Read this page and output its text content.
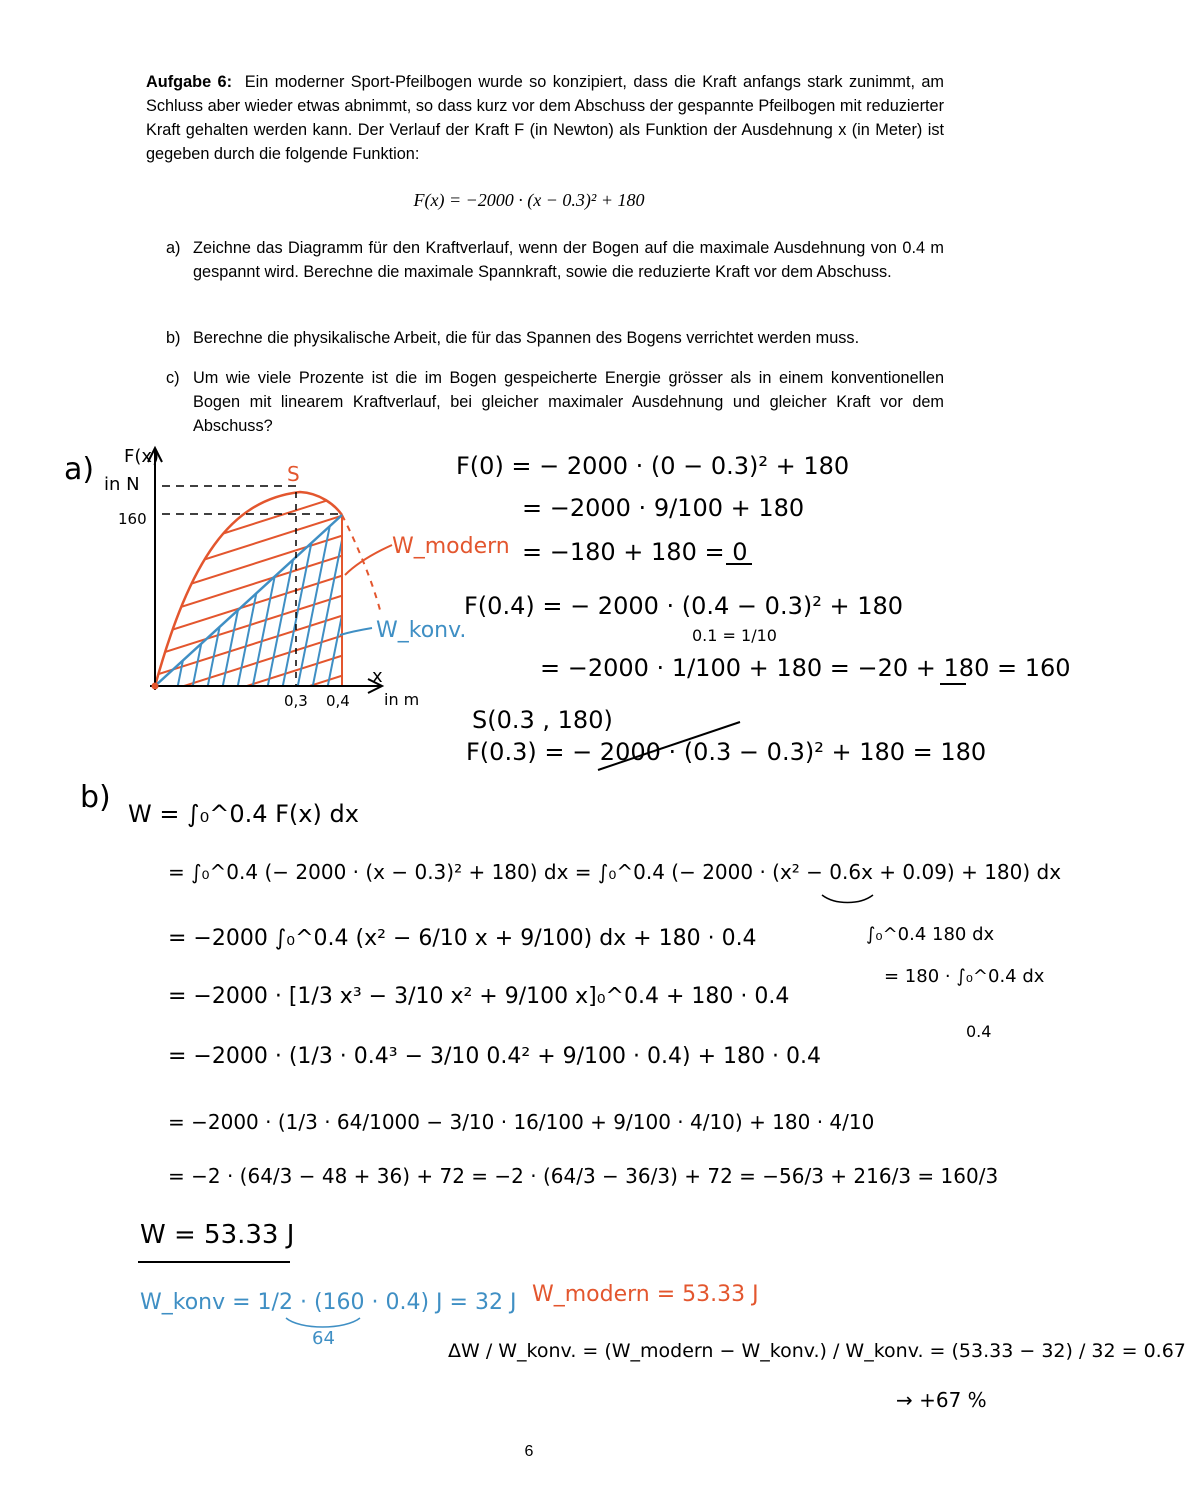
Aufgabe 6: Ein moderner Sport-Pfeilbogen wurde so konzipiert, dass die Kraft anfangs stark zunimmt, am Schluss aber wieder etwas abnimmt, so dass kurz vor dem Abschuss der gespannte Pfeilbogen mit reduzierter Kraft gehalten werden kann. Der Verlauf der Kraft F (in Newton) als Funktion der Ausdehnung x (in Meter) ist gegeben durch die folgende Funktion:
F(x) = −2000 · (x − 0.3)² + 180
a) Zeichne das Diagramm für den Kraftverlauf, wenn der Bogen auf die maximale Ausdehnung von 0.4 m gespannt wird. Berechne die maximale Spannkraft, sowie die reduzierte Kraft vor dem Abschuss.
b) Berechne die physikalische Arbeit, die für das Spannen des Bogens verrichtet werden muss.
c) Um wie viele Prozente ist die im Bogen gespeicherte Energie grösser als in einem konventionellen Bogen mit linearem Kraftverlauf, bei gleicher maximaler Ausdehnung und gleicher Kraft vor dem Abschuss?
a) F(x)
in N
160
x
in m
0,3 0,4
S
W_modern
W_konv.
F(0) = − 2000 · (0 − 0.3)² + 180
= −2000 · 9/100 + 180
= −180 + 180 = 0
F(0.4) = − 2000 · (0.4 − 0.3)² + 180
0.1 = 1/10
= −2000 · 1/100 + 180 = −20 + 180 = 160
S(0.3 , 180)
F(0.3) = − 2000 · (0.3 − 0.3)² + 180 = 180
b) W = ∫₀^0.4 F(x) dx
= ∫₀^0.4 (− 2000 · (x − 0.3)² + 180) dx = ∫₀^0.4 (− 2000 · (x² − 0.6x + 0.09) + 180) dx
= −2000 ∫₀^0.4 (x² − 6/10 x + 9/100) dx + 180 · 0.4
= −2000 · [1/3 x³ − 3/10 x² + 9/100 x]₀^0.4 + 180 · 0.4
= −2000 · (1/3 · 0.4³ − 3/10 0.4² + 9/100 · 0.4) + 180 · 0.4
= −2000 · (1/3 · 64/1000 − 3/10 · 16/100 + 9/100 · 4/10) + 180 · 4/10
= −2 · (64/3 − 48 + 36) + 72 = −2 · (64/3 − 36/3) + 72 = −56/3 + 216/3 = 160/3
∫₀^0.4 180 dx
= 180 · ∫₀^0.4 dx
0.4
W = 53.33 J
W_konv = 1/2 · (160 · 0.4) J = 32 J
64
W_modern = 53.33 J
ΔW / W_konv. = (W_modern − W_konv.) / W_konv. = (53.33 − 32) / 32 = 0.67
→ +67 %
6
